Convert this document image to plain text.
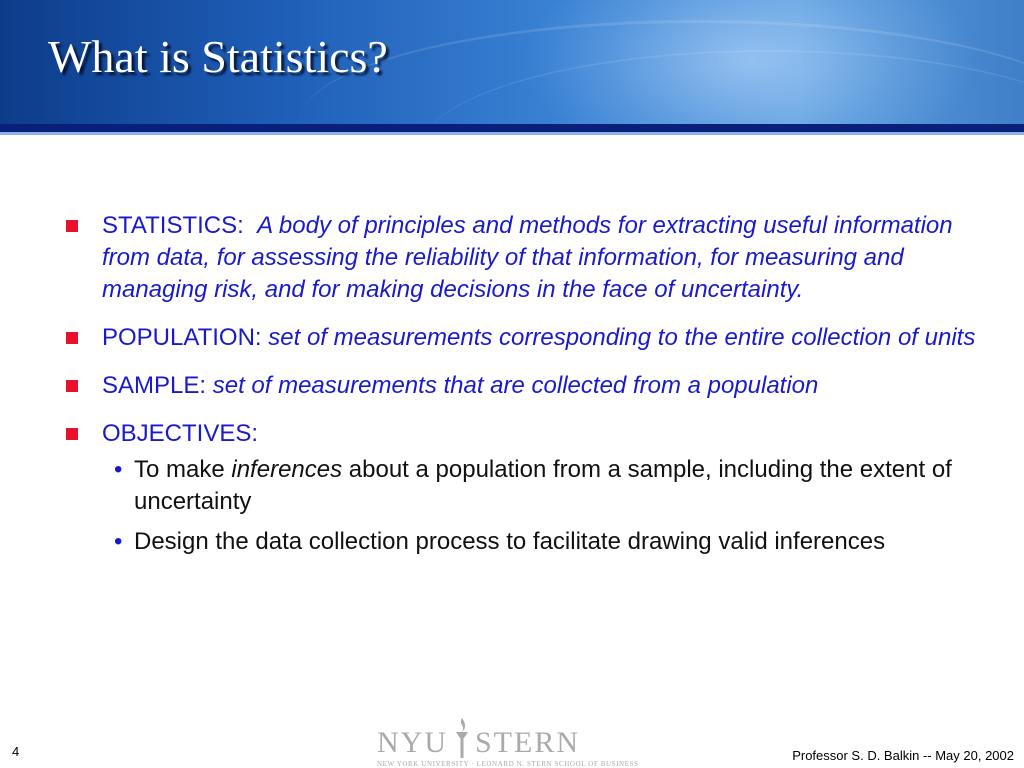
What is Statistics?
STATISTICS: A body of principles and methods for extracting useful information from data, for assessing the reliability of that information, for measuring and managing risk, and for making decisions in the face of uncertainty.
POPULATION: set of measurements corresponding to the entire collection of units
SAMPLE: set of measurements that are collected from a population
OBJECTIVES:
• To make inferences about a population from a sample, including the extent of uncertainty
• Design the data collection process to facilitate drawing valid inferences
4	NYU STERN
NEW YORK UNIVERSITY · LEONARD N. STERN SCHOOL OF BUSINESS
Professor S. D. Balkin -- May 20, 2002
